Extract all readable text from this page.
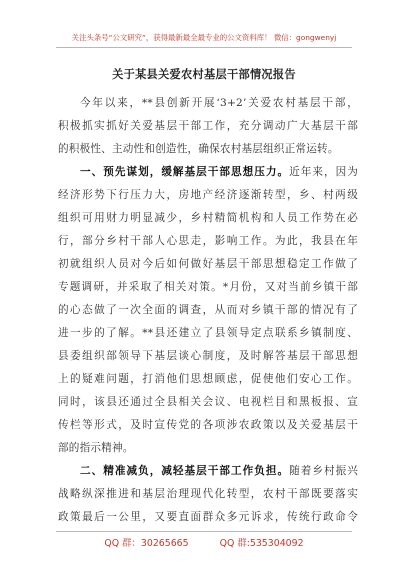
关注头条号“公文研究”，获得最新最全最专业的公文资料库！ 微信：gongwenyj
关于某县关爱农村基层干部情况报告
今年以来，**县创新开展‘3+2’关爱农村基层干部，
积极抓实抓好关爱基层干部工作，充分调动广大基层干部
的积极性、主动性和创造性，确保农村基层组织正常运转。
一、预先谋划，缓解基层干部思想压力。近年来，因为
经济形势下行压力大，房地产经济逐渐转型，乡、村两级
组织可用财力明显减少，乡村精简机构和人员工作势在必
行，部分乡村干部人心思走，影响工作。为此，我县在年
初就组织人员对今后如何做好基层干部思想稳定工作做了
专题调研，并采取了相关对策。*月份，又对当前乡镇干部
的心态做了一次全面的调查，从而对乡镇干部的情况有了
进一步的了解。**县还建立了县领导定点联系乡镇制度、
县委组织部领导下基层谈心制度，及时解答基层干部思想
上的疑难问题，打消他们思想顾虑，促使他们安心工作。
同时，该县还通过全县相关会议、电视栏目和黑板报、宣
传栏等形式，及时宣传党的各项涉农政策以及关爱基层干
部的指示精神。
二、精准减负，减轻基层干部工作负担。随着乡村振兴
战略纵深推进和基层治理现代化转型，农村干部既要落实
政策最后一公里，又要直面群众多元诉求，传统行政命令
QQ 群：30265665	QQ 群:535304092
